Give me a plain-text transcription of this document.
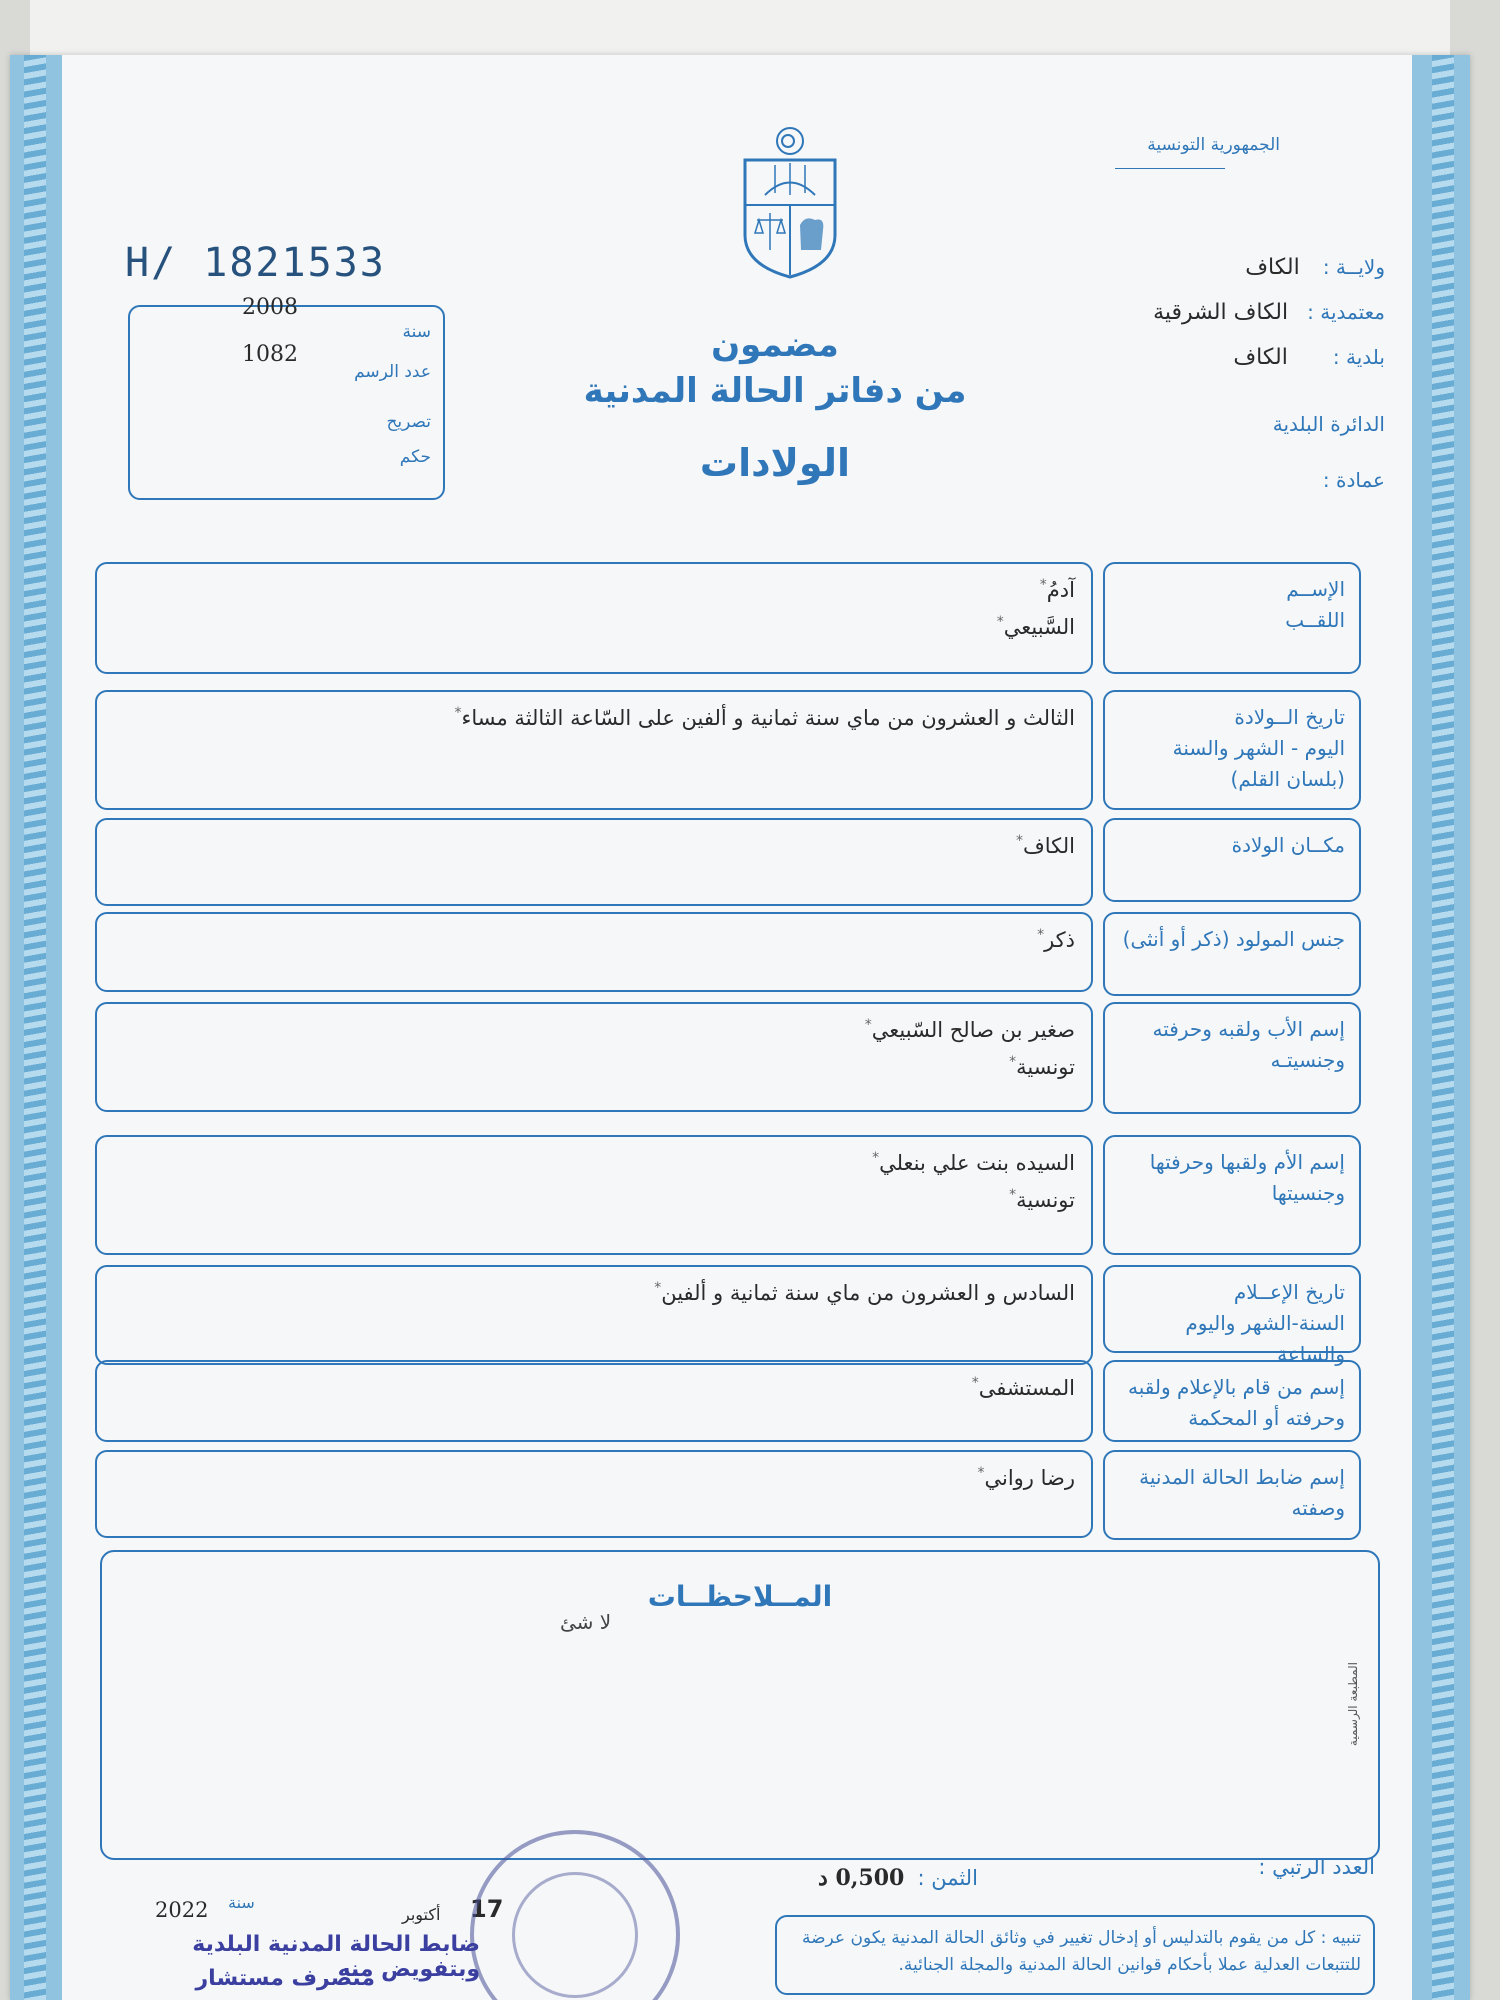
الجمهورية التونسية
ولايــة : الكاف
معتمدية : الكاف الشرقية
بلدية : الكاف
الدائرة البلدية
عمادة :
H/ 1821533
2008
سنة
1082
عدد الرسم
تصريح
حكم
مضمون
من دفاتر الحالة المدنية
الولادات
الإســم
اللقــب
آدمُ*
السَّبيعي*
تاريخ الــولادة
اليوم - الشهر والسنة
(بلسان القلم)
الثالث و العشرون من ماي سنة ثمانية و ألفين على السّاعة الثالثة مساء*
مكــان الولادة
الكاف*
جنس المولود (ذكر أو أنثى)
ذكر*
إسم الأب ولقبه وحرفته
وجنسيتـه
صغير بن صالح السّبيعي*
تونسية*
إسم الأم ولقبها وحرفتها
وجنسيتها
السيده بنت علي بنعلي*
تونسية*
تاريخ الإعــلام
السنة-الشهر واليوم والساعة
السادس و العشرون من ماي سنة ثمانية و ألفين*
إسم من قام بالإعلام ولقبه
وحرفته أو المحكمة
المستشفى*
إسم ضابط الحالة المدنية
وصفته
رضا رواني*
المــلاحظــات
لا شئ
المطبعة الرسمية
العدد الرتبي :
الثمن : 0,500 د
2022 سنة
أكتوبر 17
ضابط الحالة المدنية البلدية وبتفويض منه
متصرف مستشار
تنبيه : كل من يقوم بالتدليس أو إدخال تغيير في وثائق الحالة المدنية يكون عرضة للتتبعات العدلية عملا بأحكام قوانين الحالة المدنية والمجلة الجنائية.
